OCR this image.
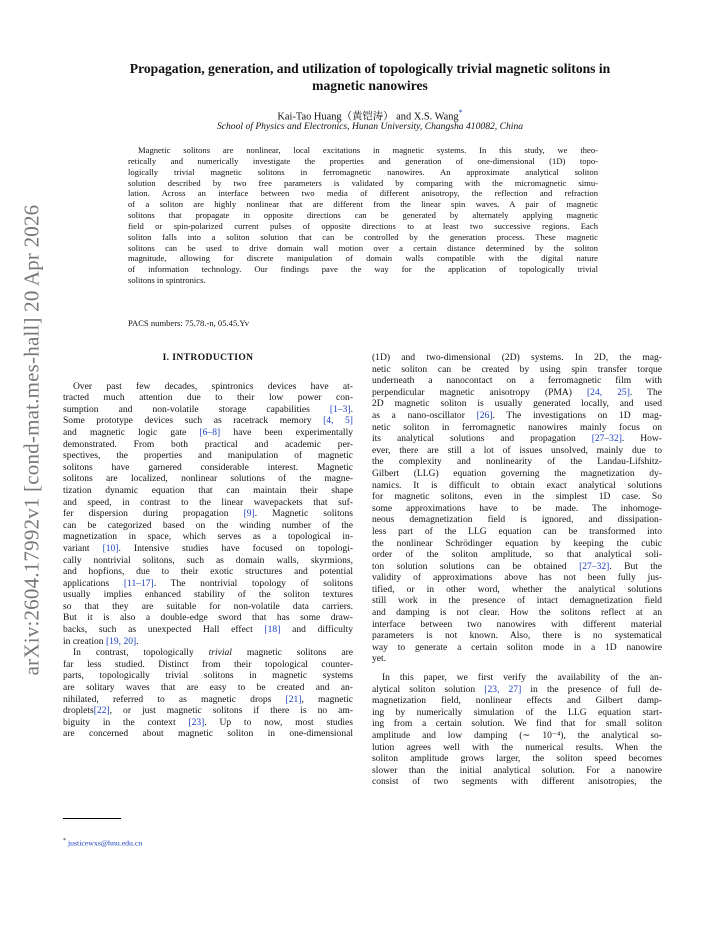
arXiv:2604.17992v1 [cond-mat.mes-hall] 20 Apr 2026
Propagation, generation, and utilization of topologically trivial magnetic solitons in
magnetic nanowires
Kai-Tao Huang（黄铠涛） and X.S. Wang*
School of Physics and Electronics, Hunan University, Changsha 410082, China
Magnetic solitons are nonlinear, local excitations in magnetic systems. In this study, we theo-
retically and numerically investigate the properties and generation of one-dimensional (1D) topo-
logically trivial magnetic solitons in ferromagnetic nanowires. An approximate analytical soliton
solution described by two free parameters is validated by comparing with the micromagnetic simu-
lation. Across an interface between two media of different anisotropy, the reflection and refraction
of a soliton are highly nonlinear that are different from the linear spin waves. A pair of magnetic
solitons that propagate in opposite directions can be generated by alternately applying magnetic
field or spin-polarized current pulses of opposite directions to at least two successive regions. Each
soliton falls into a soliton solution that can be controlled by the generation process. These magnetic
solitons can be used to drive domain wall motion over a certain distance determined by the soliton
magnitude, allowing for discrete manipulation of domain walls compatible with the digital nature
of information technology. Our findings pave the way for the application of topologically trivial
solitons in spintronics.
PACS numbers: 75.78.-n, 05.45.Yv
I. INTRODUCTION
Over past few decades, spintronics devices have at-
tracted much attention due to their low power con-
sumption and non-volatile storage capabilities [1–3].
Some prototype devices such as racetrack memory [4, 5]
and magnetic logic gate [6–8] have been experimentally
demonstrated. From both practical and academic per-
spectives, the properties and manipulation of magnetic
solitons have garnered considerable interest. Magnetic
solitons are localized, nonlinear solutions of the magne-
tization dynamic equation that can maintain their shape
and speed, in contrast to the linear wavepackets that suf-
fer dispersion during propagation [9]. Magnetic solitons
can be categorized based on the winding number of the
magnetization in space, which serves as a topological in-
variant [10]. Intensive studies have focused on topologi-
cally nontrivial solitons, such as domain walls, skyrmions,
and hopfions, due to their exotic structures and potential
applications [11–17]. The nontrivial topology of solitons
usually implies enhanced stability of the soliton textures
so that they are suitable for non-volatile data carriers.
But it is also a double-edge sword that has some draw-
backs, such as unexpected Hall effect [18] and difficulty
in creation [19, 20].
In contrast, topologically trivial magnetic solitons are
far less studied. Distinct from their topological counter-
parts, topologically trivial solitons in magnetic systems
are solitary waves that are easy to be created and an-
nihilated, referred to as magnetic drops [21], magnetic
droplets[22], or just magnetic solitons if there is no am-
biguity in the context [23]. Up to now, most studies
are concerned about magnetic soliton in one-dimensional
(1D) and two-dimensional (2D) systems. In 2D, the mag-
netic soliton can be created by using spin transfer torque
underneath a nanocontact on a ferromagnetic film with
perpendicular magnetic anisotropy (PMA) [24, 25]. The
2D magnetic soliton is usually generated locally, and used
as a nano-oscillator [26]. The investigations on 1D mag-
netic soliton in ferromagnetic nanowires mainly focus on
its analytical solutions and propagation [27–32]. How-
ever, there are still a lot of issues unsolved, mainly due to
the complexity and nonlinearity of the Landau-Lifshitz-
Gilbert (LLG) equation governing the magnetization dy-
namics. It is difficult to obtain exact analytical solutions
for magnetic solitons, even in the simplest 1D case. So
some approximations have to be made. The inhomoge-
neous demagnetization field is ignored, and dissipation-
less part of the LLG equation can be transformed into
the nonlinear Schrödinger equation by keeping the cubic
order of the soliton amplitude, so that analytical soli-
ton solution solutions can be obtained [27–32]. But the
validity of approximations above has not been fully jus-
tified, or in other word, whether the analytical solutions
still work in the presence of intact demagnetization field
and damping is not clear. How the solitons reflect at an
interface between two nanowires with different material
parameters is not known. Also, there is no systematical
way to generate a certain soliton mode in a 1D nanowire
yet.
In this paper, we first verify the availability of the an-
alytical soliton solution [23, 27] in the presence of full de-
magnetization field, nonlinear effects and Gilbert damp-
ing by numerically simulation of the LLG equation start-
ing from a certain solution. We find that for small soliton
amplitude and low damping (∼ 10⁻⁴), the analytical so-
lution agrees well with the numerical results. When the
soliton amplitude grows larger, the soliton speed becomes
slower than the initial analytical solution. For a nanowire
consist of two segments with different anisotropies, the
* justicewxs@hnu.edu.cn
